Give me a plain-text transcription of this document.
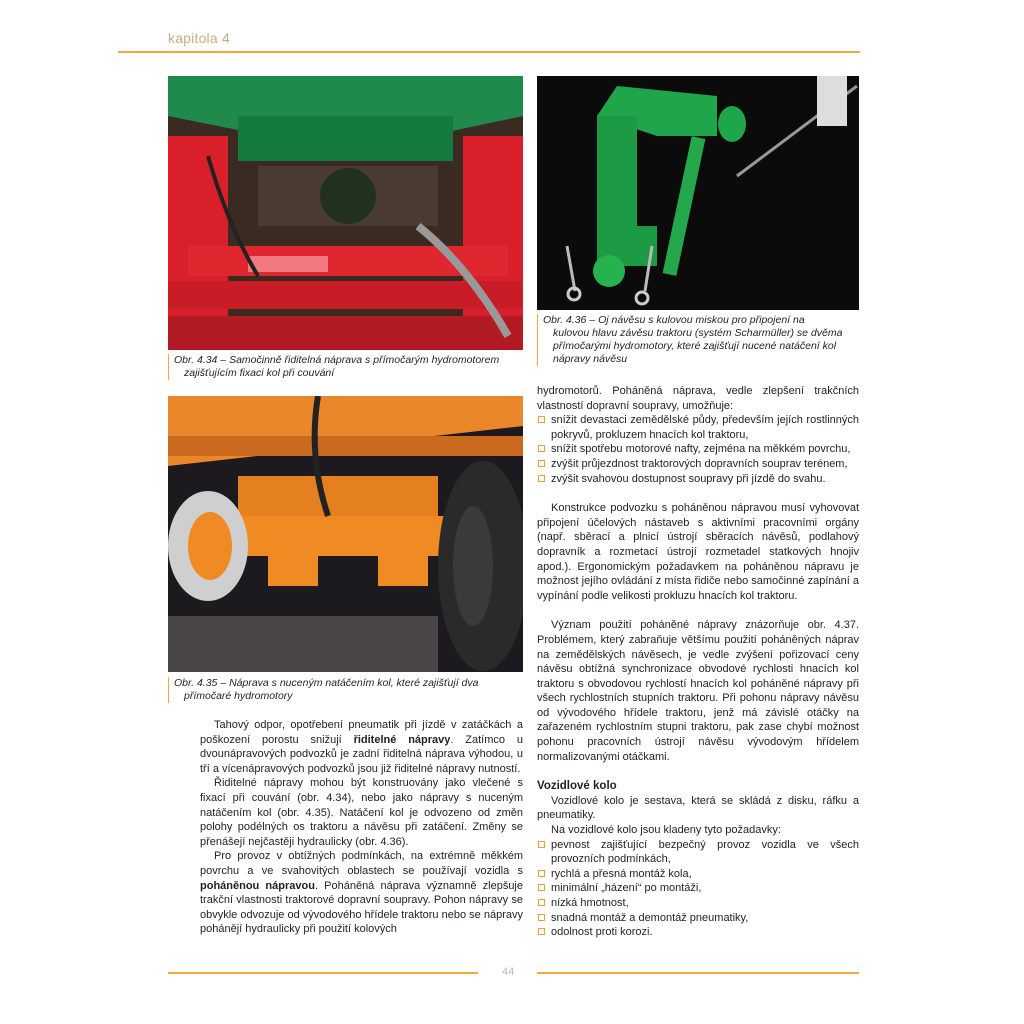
kapitola 4
Obr. 4.34 – Samočinně řiditelná náprava s přímočarým hydromotorem
zajišťujícím fixaci kol při couvání
Obr. 4.36 – Oj návěsu s kulovou miskou pro připojení na
kulovou hlavu závěsu traktoru (systém Scharmüller) se dvěma
přímočarými hydromotory, které zajišťují nucené natáčení kol
nápravy návěsu
Obr. 4.35 – Náprava s nuceným natáčením kol, které zajišťují dva
přímočaré hydromotory

Tahový odpor, opotřebení pneumatik při jízdě v zatáčkách a poškození porostu snižují řiditelné nápravy. Zatímco u dvounápravových podvozků je zadní řiditelná náprava výhodou, u tří a vícenápravových podvozků jsou již řiditelné nápravy nutností.

Řiditelné nápravy mohou být konstruovány jako vlečené s fixací při couvání (obr. 4.34), nebo jako nápravy s nuceným natáčením kol (obr. 4.35). Natáčení kol je odvozeno od změn polohy podélných os traktoru a návěsu při zatáčení. Změny se přenášejí nejčastěji hydraulicky (obr. 4.36).

Pro provoz v obtížných podmínkách, na extrémně měkkém povrchu a ve svahovitých oblastech se používají vozidla s poháněnou nápravou. Poháněná náprava významně zlepšuje trakční vlastnosti traktorové dopravní soupravy. Pohon nápravy se obvykle odvozuje od vývodového hřídele traktoru nebo se nápravy pohánějí hydraulicky při použití kolových

hydromotorů. Poháněná náprava, vedle zlepšení trakčních vlastností dopravní soupravy, umožňuje:

snížit devastaci zemědělské půdy, především jejích rostlinných pokryvů, prokluzem hnacích kol traktoru,
snížit spotřebu motorové nafty, zejména na měkkém povrchu,
zvýšit průjezdnost traktorových dopravních souprav terénem,
zvýšit svahovou dostupnost soupravy při jízdě do svahu.

Konstrukce podvozku s poháněnou nápravou musí vyhovovat připojení účelových nástaveb s aktivními pracovními orgány (např. sběrací a plnicí ústrojí sběracích návěsů, podlahový dopravník a rozmetací ústrojí rozmetadel statkových hnojiv apod.). Ergonomickým požadavkem na poháněnou nápravu je možnost jejího ovládání z místa řidiče nebo samočinné zapínání a vypínání podle velikosti prokluzu hnacích kol traktoru.

Význam použití poháněné nápravy znázorňuje obr. 4.37. Problémem, který zabraňuje většímu použití poháněných náprav na zemědělských návěsech, je vedle zvýšení pořizovací ceny návěsu obtížná synchronizace obvodové rychlosti hnacích kol traktoru s obvodovou rychlostí hnacích kol poháněné nápravy při všech rychlostních stupních traktoru. Při pohonu nápravy návěsu od vývodového hřídele traktoru, jenž má závislé otáčky na zařazeném rychlostním stupni traktoru, pak zase chybí možnost pohonu pracovních ústrojí návěsu vývodovým hřídelem normalizovanými otáčkami.

Vozidlové kolo

Vozidlové kolo je sestava, která se skládá z disku, ráfku a pneumatiky.

Na vozidlové kolo jsou kladeny tyto požadavky:

pevnost zajišťující bezpečný provoz vozidla ve všech provozních podmínkách,
rychlá a přesná montáž kola,
minimální „házení“ po montáži,
nízká hmotnost,
snadná montáž a demontáž pneumatiky,
odolnost proti korozi.
44
